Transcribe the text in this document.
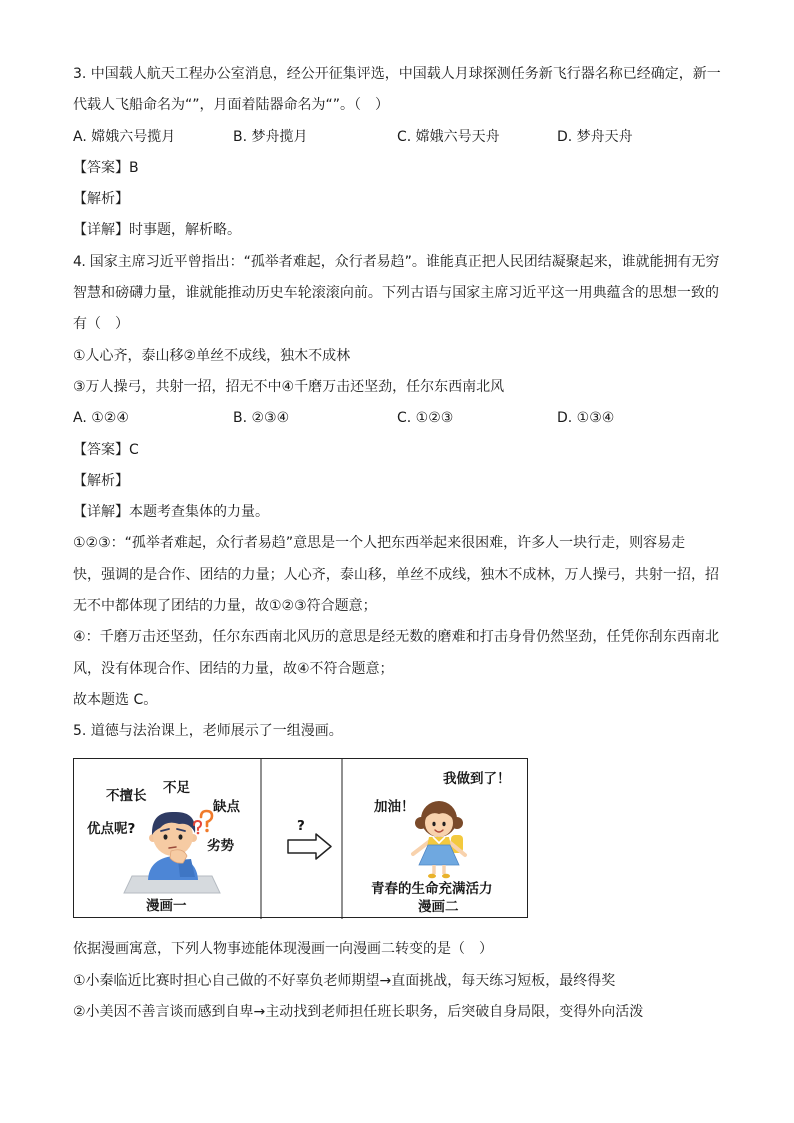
3. 中国载人航天工程办公室消息，经公开征集评选，中国载人月球探测任务新飞行器名称已经确定，新一
代载人飞船命名为“”，月面着陆器命名为“”。（　）
A. 嫦娥六号揽月	B. 梦舟揽月	C. 嫦娥六号天舟	D. 梦舟天舟
【答案】B
【解析】
【详解】时事题，解析略。
4. 国家主席习近平曾指出：“孤举者难起，众行者易趋”。谁能真正把人民团结凝聚起来，谁就能拥有无穷
智慧和磅礴力量，谁就能推动历史车轮滚滚向前。下列古语与国家主席习近平这一用典蕴含的思想一致的
有（　）
①人心齐，泰山移②单丝不成线，独木不成林
③万人操弓，共射一招，招无不中④千磨万击还坚劲，任尔东西南北风
A. ①②④	B. ②③④	C. ①②③	D. ①③④
【答案】C
【解析】
【详解】本题考查集体的力量。
①②③：“孤举者难起，众行者易趋”意思是一个人把东西举起来很困难，许多人一块行走，则容易走
快，强调的是合作、团结的力量；人心齐，泰山移，单丝不成线，独木不成林，万人操弓，共射一招，招
无不中都体现了团结的力量，故①②③符合题意；
④：千磨万击还坚劲，任尔东西南北风历的意思是经无数的磨难和打击身骨仍然坚劲，任凭你刮东西南北
风，没有体现合作、团结的力量，故④不符合题意；
故本题选 C。
5. 道德与法治课上，老师展示了一组漫画。
不擅长 不足
缺点
优点呢?
劣势
漫画一
?
我做到了！
加油！
青春的生命充满活力
漫画二
依据漫画寓意，下列人物事迹能体现漫画一向漫画二转变的是（　）
①小秦临近比赛时担心自己做的不好辜负老师期望→直面挑战，每天练习短板，最终得奖
②小美因不善言谈而感到自卑→主动找到老师担任班长职务，后突破自身局限，变得外向活泼
